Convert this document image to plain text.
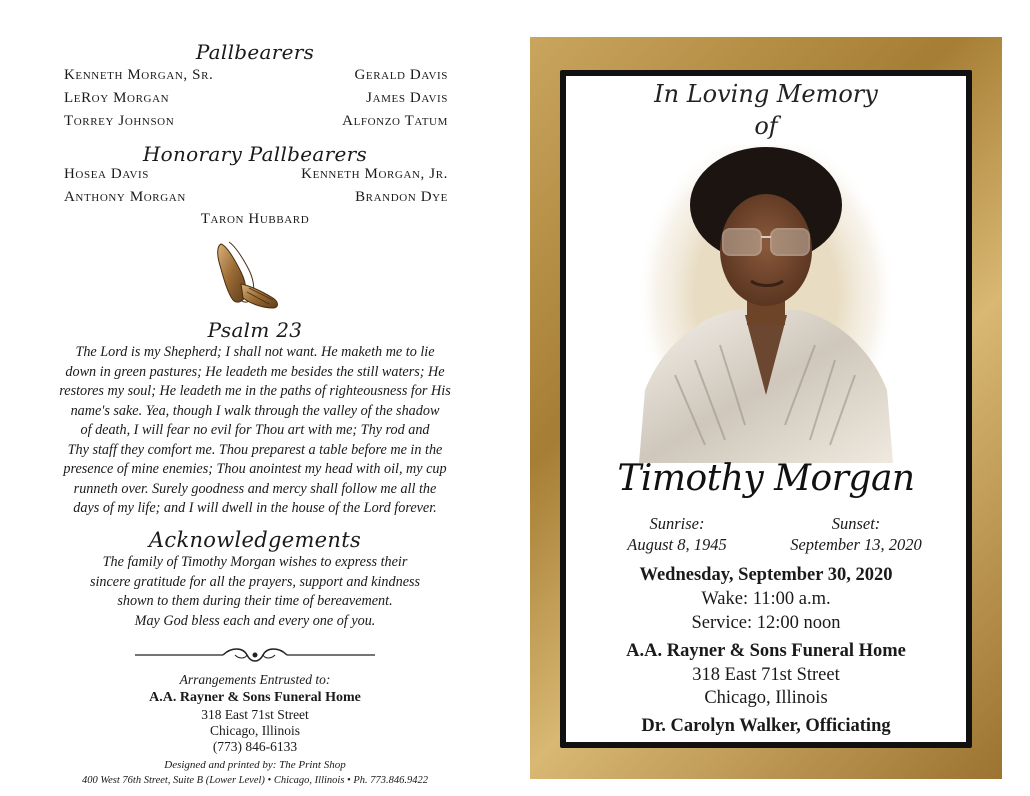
Pallbearers
Kenneth Morgan, Sr.
LeRoy Morgan
Torrey Johnson
Gerald Davis
James Davis
Alfonzo Tatum
Honorary Pallbearers
Hosea Davis
Anthony Morgan
Kenneth Morgan, Jr.
Brandon Dye
Taron Hubbard
Psalm 23
The Lord is my Shepherd; I shall not want. He maketh me to lie
down in green pastures; He leadeth me besides the still waters; He
restores my soul; He leadeth me in the paths of righteousness for His
name's sake. Yea, though I walk through the valley of the shadow
of death, I will fear no evil for Thou art with me; Thy rod and
Thy staff they comfort me. Thou preparest a table before me in the
presence of mine enemies; Thou anointest my head with oil, my cup
runneth over. Surely goodness and mercy shall follow me all the
days of my life; and I will dwell in the house of the Lord forever.
Acknowledgements
The family of Timothy Morgan wishes to express their
sincere gratitude for all the prayers, support and kindness
shown to them during their time of bereavement.
May God bless each and every one of you.
Arrangements Entrusted to:
A.A. Rayner & Sons Funeral Home
318 East 71st Street
Chicago, Illinois
(773) 846-6133
Designed and printed by: The Print Shop
400 West 76th Street, Suite B (Lower Level) • Chicago, Illinois • Ph. 773.846.9422
In Loving Memory
of
Timothy Morgan
Sunrise:
August 8, 1945
Sunset:
September 13, 2020
Wednesday, September 30, 2020
Wake: 11:00 a.m.
Service: 12:00 noon
A.A. Rayner & Sons Funeral Home
318 East 71st Street
Chicago, Illinois
Dr. Carolyn Walker, Officiating
